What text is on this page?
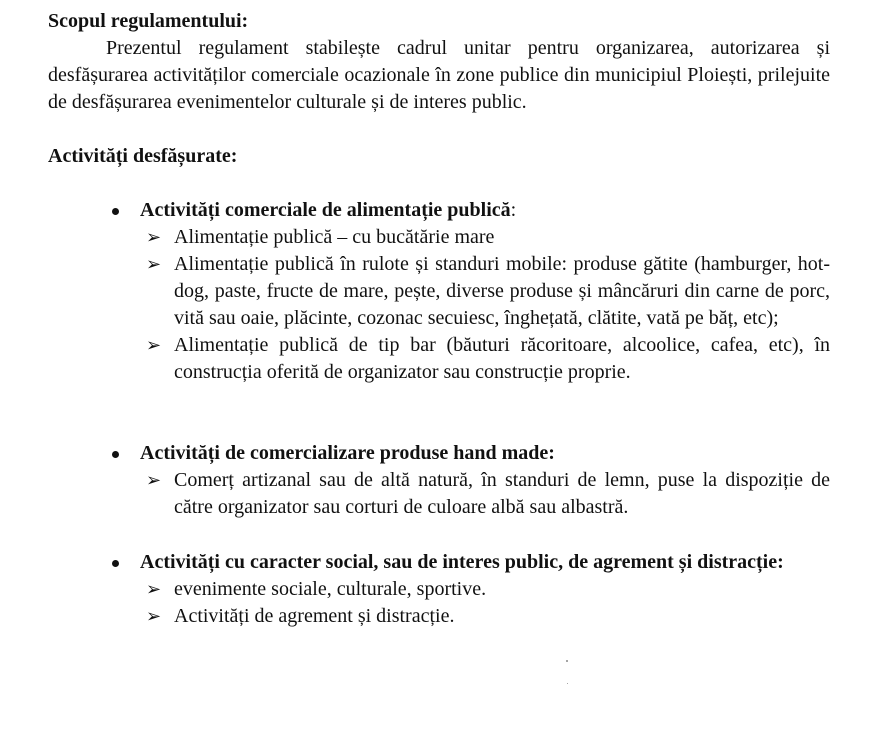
Scopul regulamentului:

Prezentul regulament stabilește cadrul unitar pentru organizarea, autorizarea și desfășurarea activităților comerciale ocazionale în zone publice din municipiul Ploiești, prilejuite de desfășurarea evenimentelor culturale și de interes public.

Activități desfășurate:

Activități comerciale de alimentație publică:
➢ Alimentație publică – cu bucătărie mare
➢ Alimentație publică în rulote și standuri mobile: produse gătite (hamburger, hot-dog, paste, fructe de mare, pește, diverse produse și mâncăruri din carne de porc, vită sau oaie, plăcinte, cozonac secuiesc, înghețată, clătite, vată pe băț, etc);
➢ Alimentație publică de tip bar (băuturi răcoritoare, alcoolice, cafea, etc), în construcția oferită de organizator sau construcție proprie.
Activități de comercializare produse hand made:
➢ Comerț artizanal sau de altă natură, în standuri de lemn, puse la dispoziție de către organizator sau corturi de culoare albă sau albastră.
Activități cu caracter social, sau de interes public, de agrement și distracție:
➢ evenimente sociale, culturale, sportive.
➢ Activități de agrement și distracție.
